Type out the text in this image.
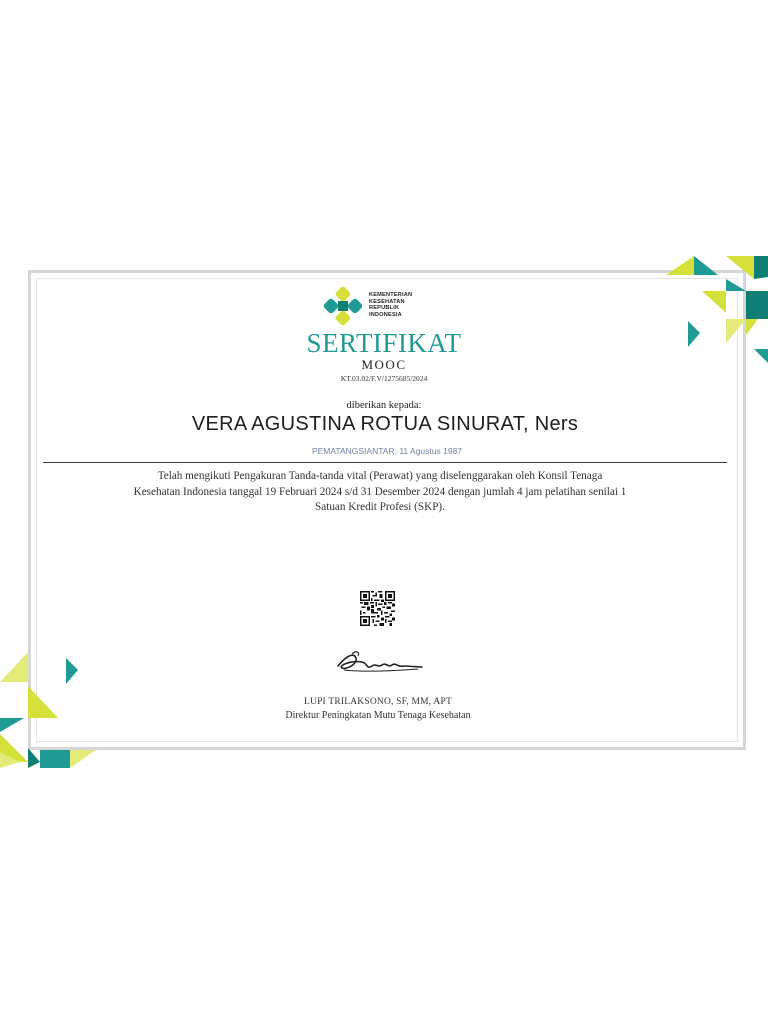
KEMENTERIAN
KESEHATAN
REPUBLIK
INDONESIA
SERTIFIKAT
MOOC
KT.03.02/F.V/1275685/2024
diberikan kepada:
VERA AGUSTINA ROTUA SINURAT, Ners
PEMATANGSIANTAR, 11 Agustus 1987
Telah mengikuti Pengakuran Tanda-tanda vital (Perawat) yang diselenggarakan oleh Konsil Tenaga
Kesehatan Indonesia tanggal 19 Februari 2024 s/d 31 Desember 2024 dengan jumlah 4 jam pelatihan senilai 1
Satuan Kredit Profesi (SKP).
LUPI TRILAKSONO, SF, MM, APT
Direktur Peningkatan Mutu Tenaga Kesehatan
